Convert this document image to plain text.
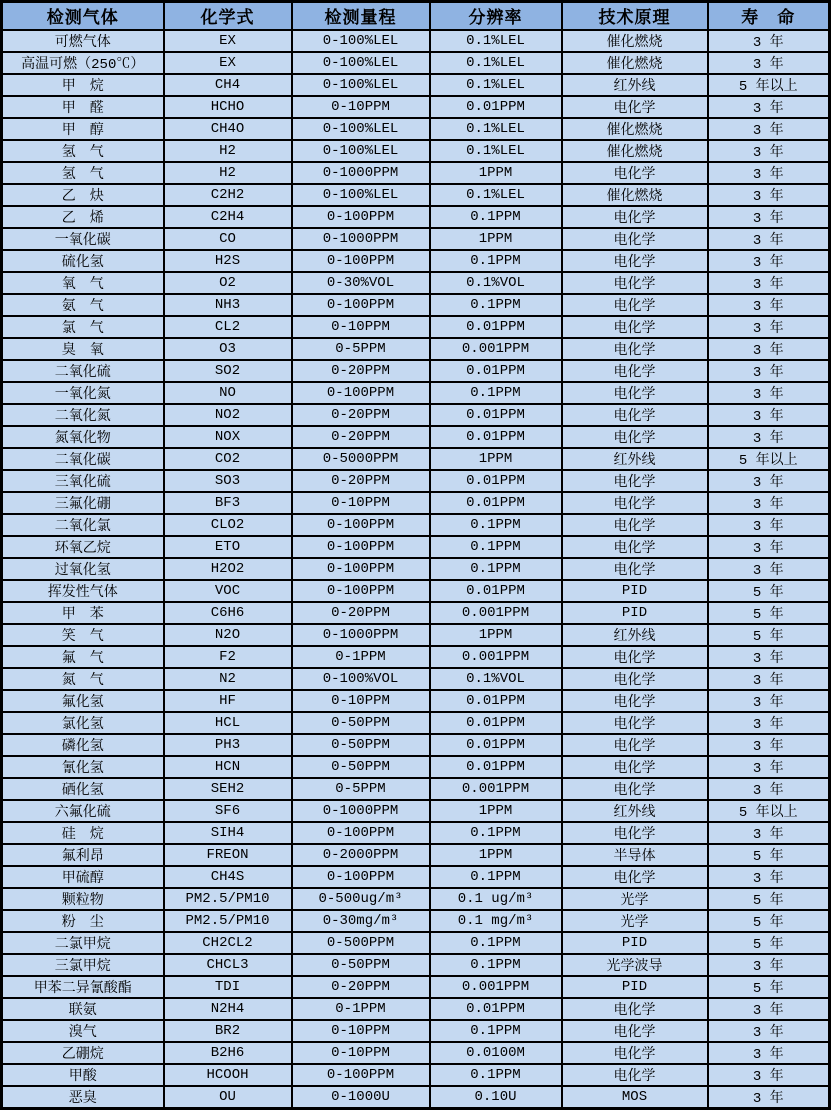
检测气体	化学式	检测量程	分辨率	技术原理	寿　命
可燃气体	EX	0-100%LEL	0.1%LEL	催化燃烧	3 年
高温可燃（250℃）	EX	0-100%LEL	0.1%LEL	催化燃烧	3 年
甲　烷	CH4	0-100%LEL	0.1%LEL	红外线	5 年以上
甲　醛	HCHO	0-10PPM	0.01PPM	电化学	3 年
甲　醇	CH4O	0-100%LEL	0.1%LEL	催化燃烧	3 年
氢　气	H2	0-100%LEL	0.1%LEL	催化燃烧	3 年
氢　气	H2	0-1000PPM	1PPM	电化学	3 年
乙　炔	C2H2	0-100%LEL	0.1%LEL	催化燃烧	3 年
乙　烯	C2H4	0-100PPM	0.1PPM	电化学	3 年
一氧化碳	CO	0-1000PPM	1PPM	电化学	3 年
硫化氢	H2S	0-100PPM	0.1PPM	电化学	3 年
氧　气	O2	0-30%VOL	0.1%VOL	电化学	3 年
氨　气	NH3	0-100PPM	0.1PPM	电化学	3 年
氯　气	CL2	0-10PPM	0.01PPM	电化学	3 年
臭　氧	O3	0-5PPM	0.001PPM	电化学	3 年
二氧化硫	SO2	0-20PPM	0.01PPM	电化学	3 年
一氧化氮	NO	0-100PPM	0.1PPM	电化学	3 年
二氧化氮	NO2	0-20PPM	0.01PPM	电化学	3 年
氮氧化物	NOX	0-20PPM	0.01PPM	电化学	3 年
二氧化碳	CO2	0-5000PPM	1PPM	红外线	5 年以上
三氧化硫	SO3	0-20PPM	0.01PPM	电化学	3 年
三氟化硼	BF3	0-10PPM	0.01PPM	电化学	3 年
二氧化氯	CLO2	0-100PPM	0.1PPM	电化学	3 年
环氧乙烷	ETO	0-100PPM	0.1PPM	电化学	3 年
过氧化氢	H2O2	0-100PPM	0.1PPM	电化学	3 年
挥发性气体	VOC	0-100PPM	0.01PPM	PID	5 年
甲　苯	C6H6	0-20PPM	0.001PPM	PID	5 年
笑　气	N2O	0-1000PPM	1PPM	红外线	5 年
氟　气	F2	0-1PPM	0.001PPM	电化学	3 年
氮　气	N2	0-100%VOL	0.1%VOL	电化学	3 年
氟化氢	HF	0-10PPM	0.01PPM	电化学	3 年
氯化氢	HCL	0-50PPM	0.01PPM	电化学	3 年
磷化氢	PH3	0-50PPM	0.01PPM	电化学	3 年
氰化氢	HCN	0-50PPM	0.01PPM	电化学	3 年
硒化氢	SEH2	0-5PPM	0.001PPM	电化学	3 年
六氟化硫	SF6	0-1000PPM	1PPM	红外线	5 年以上
硅　烷	SIH4	0-100PPM	0.1PPM	电化学	3 年
氟利昂	FREON	0-2000PPM	1PPM	半导体	5 年
甲硫醇	CH4S	0-100PPM	0.1PPM	电化学	3 年
颗粒物	PM2.5/PM10	0-500ug/m³	0.1 ug/m³	光学	5 年
粉　尘	PM2.5/PM10	0-30mg/m³	0.1 mg/m³	光学	5 年
二氯甲烷	CH2CL2	0-500PPM	0.1PPM	PID	5 年
三氯甲烷	CHCL3	0-50PPM	0.1PPM	光学波导	3 年
甲苯二异氰酸酯	TDI	0-20PPM	0.001PPM	PID	5 年
联氨	N2H4	0-1PPM	0.01PPM	电化学	3 年
溴气	BR2	0-10PPM	0.1PPM	电化学	3 年
乙硼烷	B2H6	0-10PPM	0.0100M	电化学	3 年
甲酸	HCOOH	0-100PPM	0.1PPM	电化学	3 年
恶臭	OU	0-1000U	0.10U	MOS	3 年
